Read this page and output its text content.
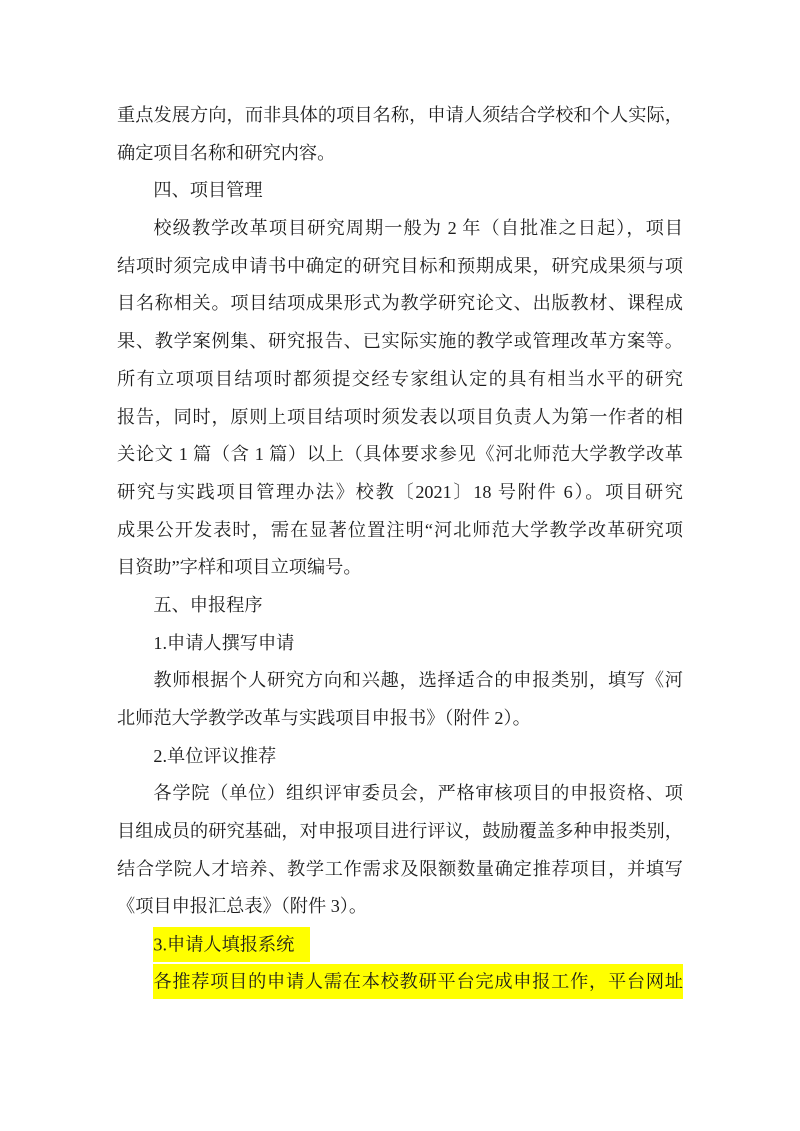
重点发展方向，而非具体的项目名称，申请人须结合学校和个人实际，
确定项目名称和研究内容。
四、项目管理
校级教学改革项目研究周期一般为 2 年（自批准之日起），项目
结项时须完成申请书中确定的研究目标和预期成果，研究成果须与项
目名称相关。项目结项成果形式为教学研究论文、出版教材、课程成
果、教学案例集、研究报告、已实际实施的教学或管理改革方案等。
所有立项项目结项时都须提交经专家组认定的具有相当水平的研究
报告，同时，原则上项目结项时须发表以项目负责人为第一作者的相
关论文 1 篇（含 1 篇）以上（具体要求参见《河北师范大学教学改革
研究与实践项目管理办法》校教〔2021〕18 号附件 6）。项目研究
成果公开发表时，需在显著位置注明“河北师范大学教学改革研究项
目资助”字样和项目立项编号。
五、申报程序
1.申请人撰写申请
教师根据个人研究方向和兴趣，选择适合的申报类别，填写《河
北师范大学教学改革与实践项目申报书》（附件 2）。
2.单位评议推荐
各学院（单位）组织评审委员会，严格审核项目的申报资格、项
目组成员的研究基础，对申报项目进行评议，鼓励覆盖多种申报类别，
结合学院人才培养、教学工作需求及限额数量确定推荐项目，并填写
《项目申报汇总表》（附件 3）。
3.申请人填报系统
各推荐项目的申请人需在本校教研平台完成申报工作，平台网址
